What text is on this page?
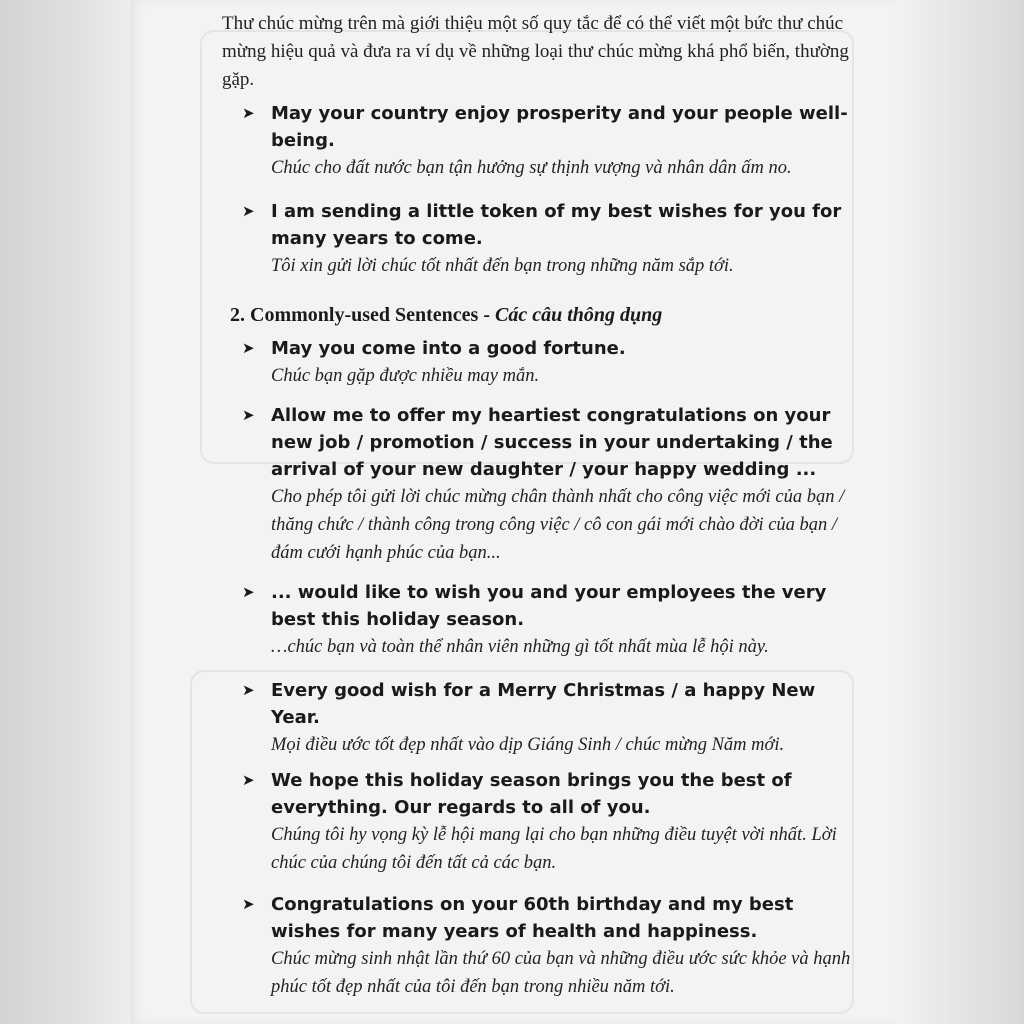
Thư chúc mừng trên mà giới thiệu một số quy tắc để có thể viết một bức thư chúc mừng hiệu quả và đưa ra ví dụ về những loại thư chúc mừng khá phổ biến, thường gặp.

➤ May your country enjoy prosperity and your people well-being.
Chúc cho đất nước bạn tận hưởng sự thịnh vượng và nhân dân ấm no.
➤ I am sending a little token of my best wishes for you for many years to come.
Tôi xin gửi lời chúc tốt nhất đến bạn trong những năm sắp tới.
2. Commonly-used Sentences - Các câu thông dụng
➤ May you come into a good fortune.
Chúc bạn gặp được nhiều may mắn.
➤ Allow me to offer my heartiest congratulations on your new job / promotion / success in your undertaking / the arrival of your new daughter / your happy wedding ...
Cho phép tôi gửi lời chúc mừng chân thành nhất cho công việc mới của bạn / thăng chức / thành công trong công việc / cô con gái mới chào đời của bạn / đám cưới hạnh phúc của bạn...
➤ ... would like to wish you and your employees the very best this holiday season.
…chúc bạn và toàn thể nhân viên những gì tốt nhất mùa lễ hội này.
➤ Every good wish for a Merry Christmas / a happy New Year.
Mọi điều ước tốt đẹp nhất vào dịp Giáng Sinh / chúc mừng Năm mới.
➤ We hope this holiday season brings you the best of everything. Our regards to all of you.
Chúng tôi hy vọng kỳ lễ hội mang lại cho bạn những điều tuyệt vời nhất. Lời chúc của chúng tôi đến tất cả các bạn.
➤ Congratulations on your 60th birthday and my best wishes for many years of health and happiness.
Chúc mừng sinh nhật lần thứ 60 của bạn và những điều ước sức khỏe và hạnh phúc tốt đẹp nhất của tôi đến bạn trong nhiều năm tới.
